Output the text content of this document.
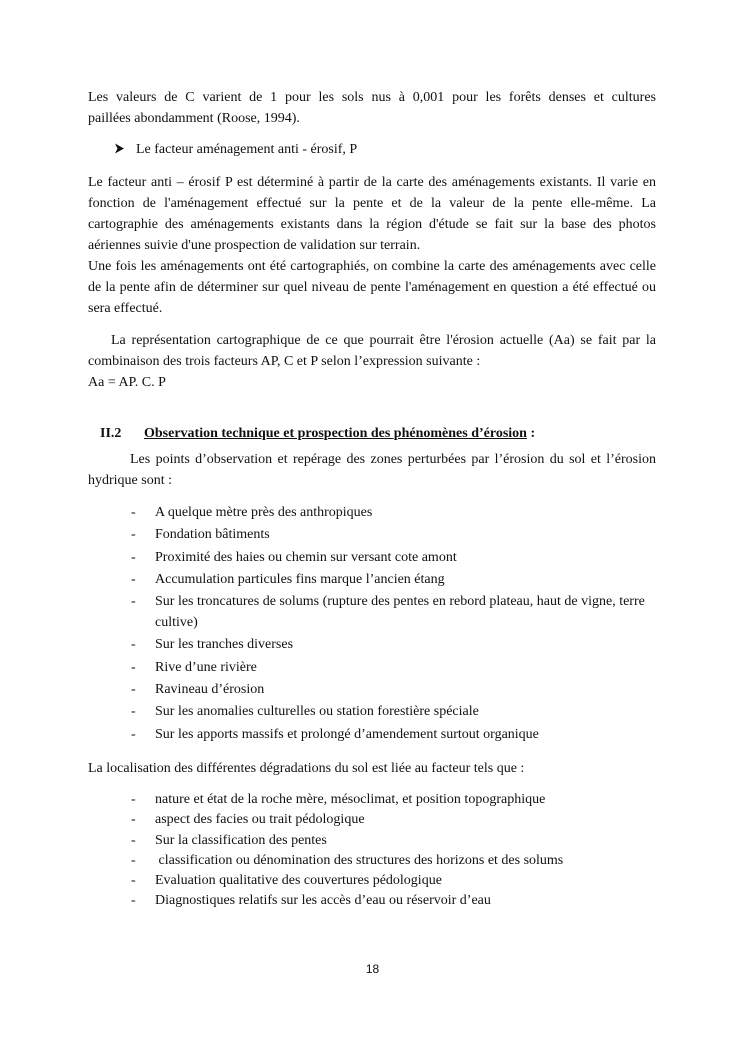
Les valeurs de C varient de 1 pour les sols nus à 0,001 pour les forêts denses et cultures
paillées abondamment (Roose, 1994).

Le facteur aménagement anti - érosif, P

Le facteur anti – érosif P est déterminé à partir de la carte des aménagements existants. Il varie en fonction de l'aménagement effectué sur la pente et de la valeur de la pente elle-même. La cartographie des aménagements existants dans la région d'étude se fait sur la base des photos aériennes suivie d'une prospection de validation sur terrain.
Une fois les aménagements ont été cartographiés, on combine la carte des aménagements avec celle de la pente afin de déterminer sur quel niveau de pente l'aménagement en question a été effectué ou sera effectué.

La représentation cartographique de ce que pourrait être l'érosion actuelle (Aa) se fait par la combinaison des trois facteurs AP, C et P selon l’expression suivante :

Aa = AP. C. P
II.2 Observation technique et prospection des phénomènes d’érosion :

Les points d’observation et repérage des zones perturbées par l’érosion du sol et l’érosion hydrique sont :

- A quelque mètre près des anthropiques
- Fondation bâtiments
- Proximité des haies ou chemin sur versant cote amont
- Accumulation particules fins marque l’ancien étang
- Sur les troncatures de solums (rupture des pentes en rebord plateau, haut de vigne, terre cultive)
- Sur les tranches diverses
- Rive d’une rivière
- Ravineau d’érosion
- Sur les anomalies culturelles ou station forestière spéciale
- Sur les apports massifs et prolongé d’amendement surtout organique
La localisation des différentes dégradations du sol est liée au facteur tels que :
- nature et état de la roche mère, mésoclimat, et position topographique
- aspect des facies ou trait pédologique
- Sur la classification des pentes
- classification ou dénomination des structures des horizons et des solums
- Evaluation qualitative des couvertures pédologique
- Diagnostiques relatifs sur les accès d’eau ou réservoir d’eau
18
